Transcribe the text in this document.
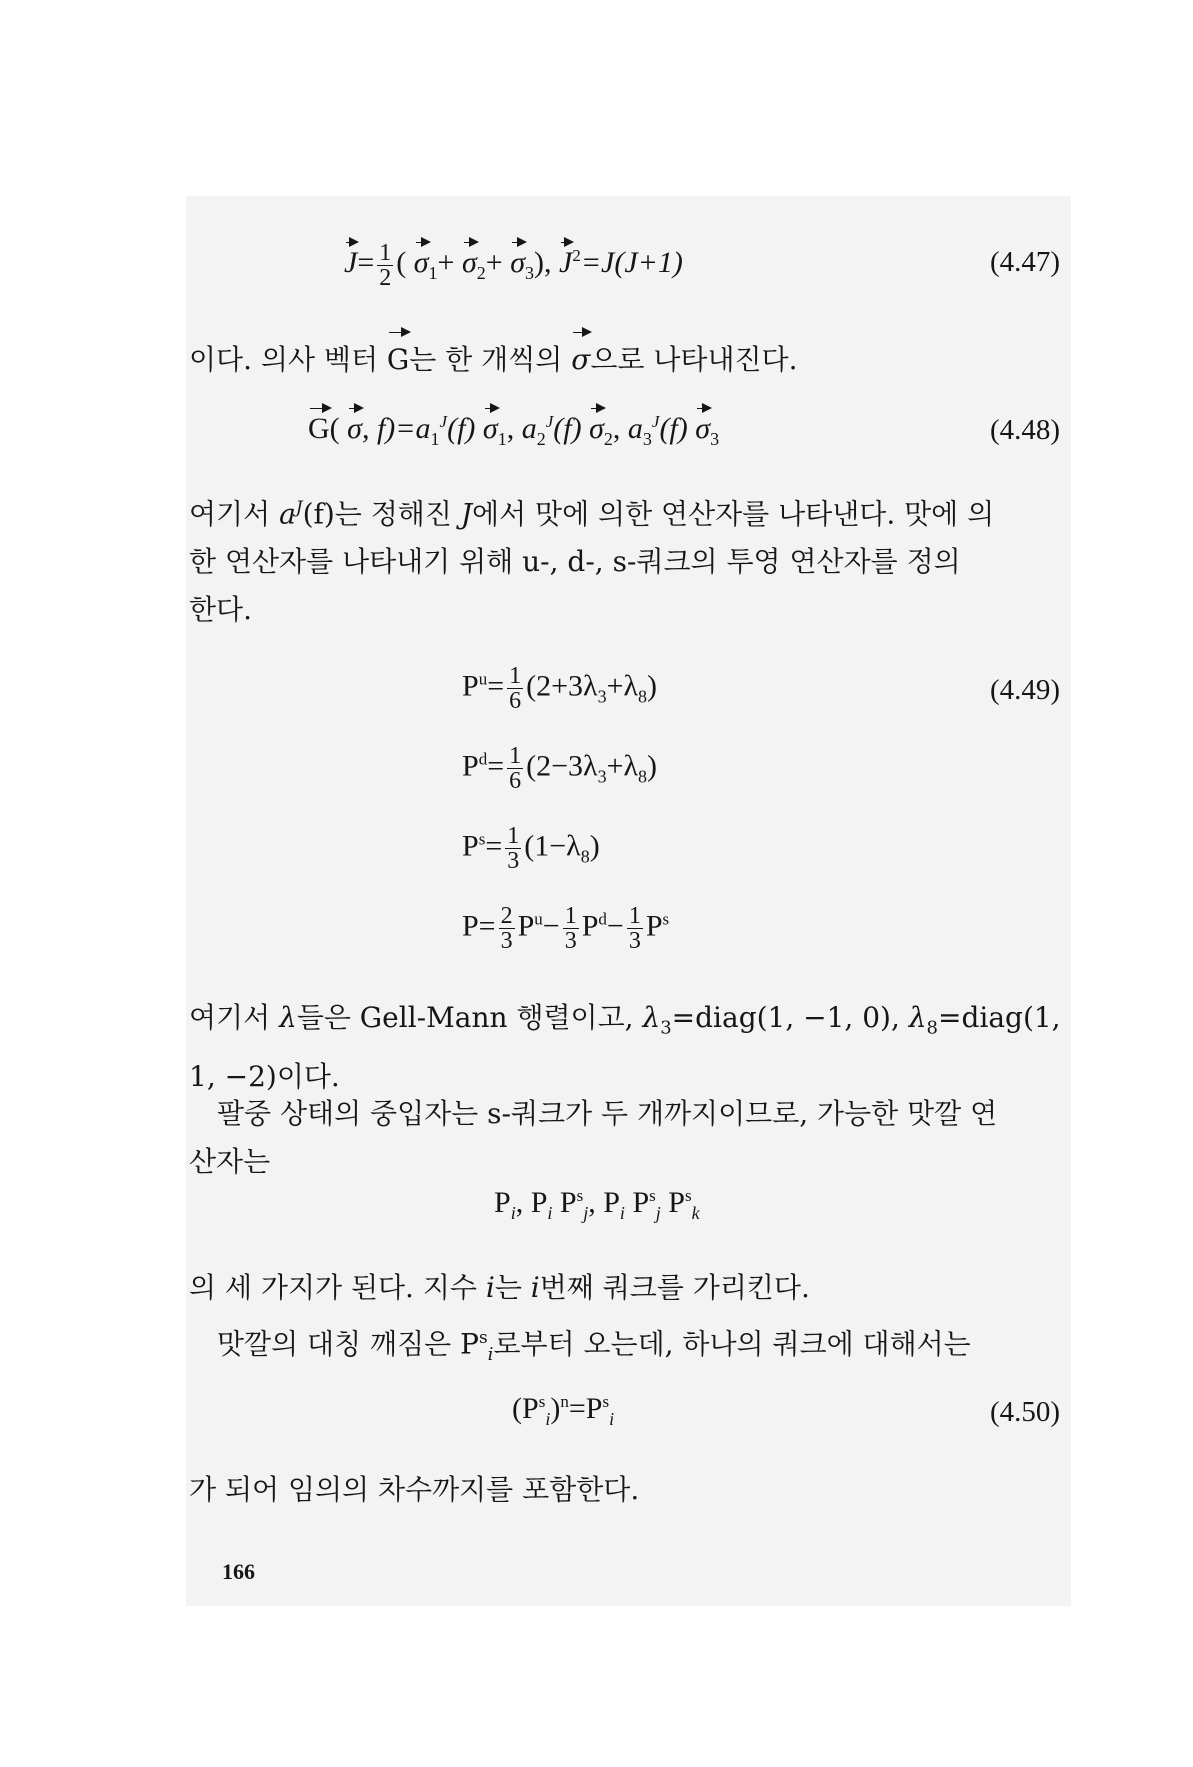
$J= \frac{1}{2}$ ( $\sigma_1+ \sigma_2+ \sigma_3$), $J^2=J(J+1)$	(4.47)
이다. 의사 벡터 G는 한 개씩의 σ으로 나타내진다.
G( σ, $f)=a_1^J(f)$ $\sigma_1$, $a_2^J(f)$ $\sigma_2$, $a_3^J(f)$ $\sigma_3$	(4.48)
여기서 $a^J(f)$는 정해진 J에서 맛에 의한 연산자를 나타낸다. 맛에 의
한 연산자를 나타내기 위해 u-, d-, s-쿼크의 투영 연산자를 정의
한다.
$P^u= \frac{1}{6} (2+3\lambda_3+\lambda_8)$	(4.49)
$P^d= \frac{1}{6} (2-3\lambda_3+\lambda_8)$
$P^s= \frac{1}{3} (1-\lambda_8)$
$P= \frac{2}{3} P^u- \frac{1}{3} P^d- \frac{1}{3} P^s$
여기서 λ들은 Gell-Mann 행렬이고, $\lambda_3=diag(1$, −1, 0), $\lambda_8=diag(1$,
1, −2)이다.
팔중 상태의 중입자는 s-쿼크가 두 개까지이므로, 가능한 맛깔 연
산자는
$P_i$, $P_i$ $P^s_j$, $P_i$ $P^s_j$ $P^s_k$
의 세 가지가 된다. 지수 i는 i번째 쿼크를 가리킨다.
맛깔의 대칭 깨짐은 $P^s_i$로부터 오는데, 하나의 쿼크에 대해서는
$(P^s_i)^n=P^s_i$	(4.50)
가 되어 임의의 차수까지를 포함한다.
166
